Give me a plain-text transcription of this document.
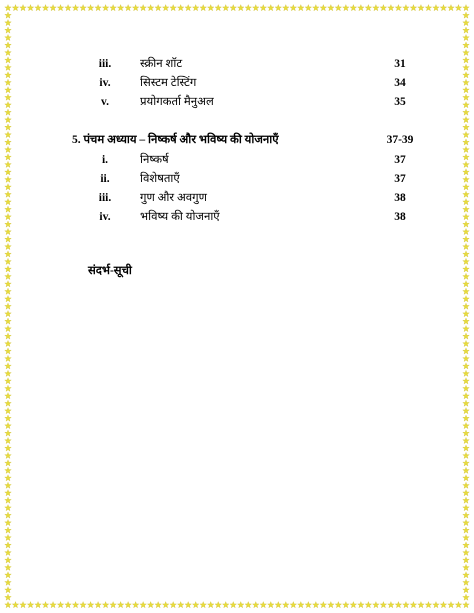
iii.	स्क्रीन शॉट	31
iv.	सिस्टम टेस्टिंग	34
v.	प्रयोगकर्ता मैनुअल	35
5. पंचम अध्याय – निष्कर्ष और भविष्य की योजनाएँ	37-39
i.	निष्कर्ष	37
ii.	विशेषताएँ	37
iii.	गुण और अवगुण	38
iv.	भविष्य की योजनाएँ	38
संदर्भ-सूची
